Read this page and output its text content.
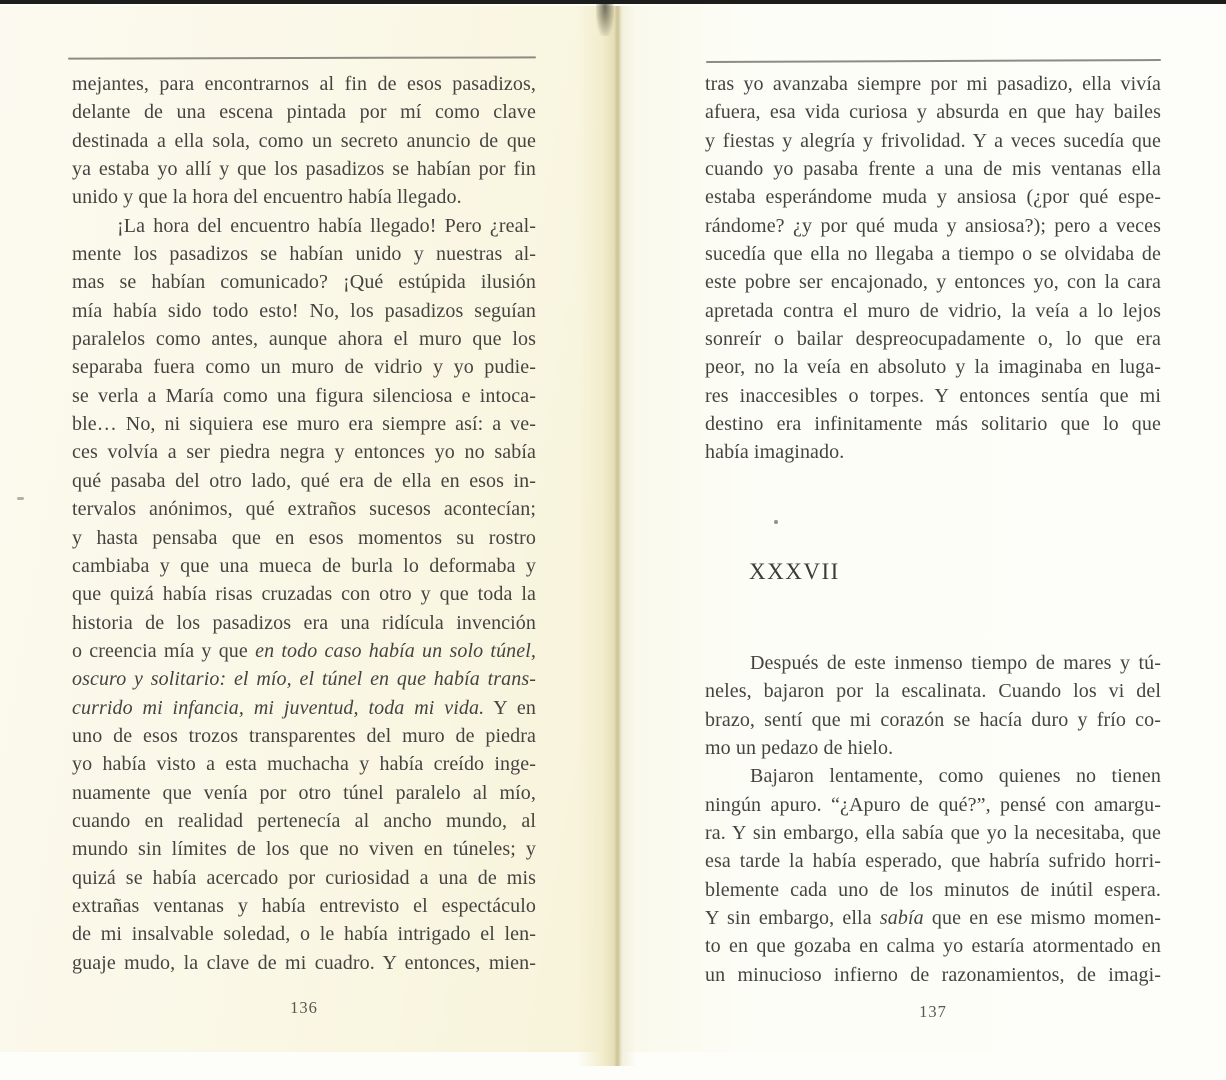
mejantes, para encontrarnos al fin de esos pasadizos,
delante de una escena pintada por mí como clave
destinada a ella sola, como un secreto anuncio de que
ya estaba yo allí y que los pasadizos se habían por fin
unido y que la hora del encuentro había llegado.
¡La hora del encuentro había llegado! Pero ¿real-
mente los pasadizos se habían unido y nuestras al-
mas se habían comunicado? ¡Qué estúpida ilusión
mía había sido todo esto! No, los pasadizos seguían
paralelos como antes, aunque ahora el muro que los
separaba fuera como un muro de vidrio y yo pudie-
se verla a María como una figura silenciosa e intoca-
ble… No, ni siquiera ese muro era siempre así: a ve-
ces volvía a ser piedra negra y entonces yo no sabía
qué pasaba del otro lado, qué era de ella en esos in-
tervalos anónimos, qué extraños sucesos acontecían;
y hasta pensaba que en esos momentos su rostro
cambiaba y que una mueca de burla lo deformaba y
que quizá había risas cruzadas con otro y que toda la
historia de los pasadizos era una ridícula invención
o creencia mía y que en todo caso había un solo túnel,
oscuro y solitario: el mío, el túnel en que había trans-
currido mi infancia, mi juventud, toda mi vida. Y en
uno de esos trozos transparentes del muro de piedra
yo había visto a esta muchacha y había creído inge-
nuamente que venía por otro túnel paralelo al mío,
cuando en realidad pertenecía al ancho mundo, al
mundo sin límites de los que no viven en túneles; y
quizá se había acercado por curiosidad a una de mis
extrañas ventanas y había entrevisto el espectáculo
de mi insalvable soledad, o le había intrigado el len-
guaje mudo, la clave de mi cuadro. Y entonces, mien-
tras yo avanzaba siempre por mi pasadizo, ella vivía
afuera, esa vida curiosa y absurda en que hay bailes
y fiestas y alegría y frivolidad. Y a veces sucedía que
cuando yo pasaba frente a una de mis ventanas ella
estaba esperándome muda y ansiosa (¿por qué espe-
rándome? ¿y por qué muda y ansiosa?); pero a veces
sucedía que ella no llegaba a tiempo o se olvidaba de
este pobre ser encajonado, y entonces yo, con la cara
apretada contra el muro de vidrio, la veía a lo lejos
sonreír o bailar despreocupadamente o, lo que era
peor, no la veía en absoluto y la imaginaba en luga-
res inaccesibles o torpes. Y entonces sentía que mi
destino era infinitamente más solitario que lo que
había imaginado.
XXXVII
Después de este inmenso tiempo de mares y tú-
neles, bajaron por la escalinata. Cuando los vi del
brazo, sentí que mi corazón se hacía duro y frío co-
mo un pedazo de hielo.
Bajaron lentamente, como quienes no tienen
ningún apuro. “¿Apuro de qué?”, pensé con amargu-
ra. Y sin embargo, ella sabía que yo la necesitaba, que
esa tarde la había esperado, que habría sufrido horri-
blemente cada uno de los minutos de inútil espera.
Y sin embargo, ella sabía que en ese mismo momen-
to en que gozaba en calma yo estaría atormentado en
un minucioso infierno de razonamientos, de imagi-
136	137
